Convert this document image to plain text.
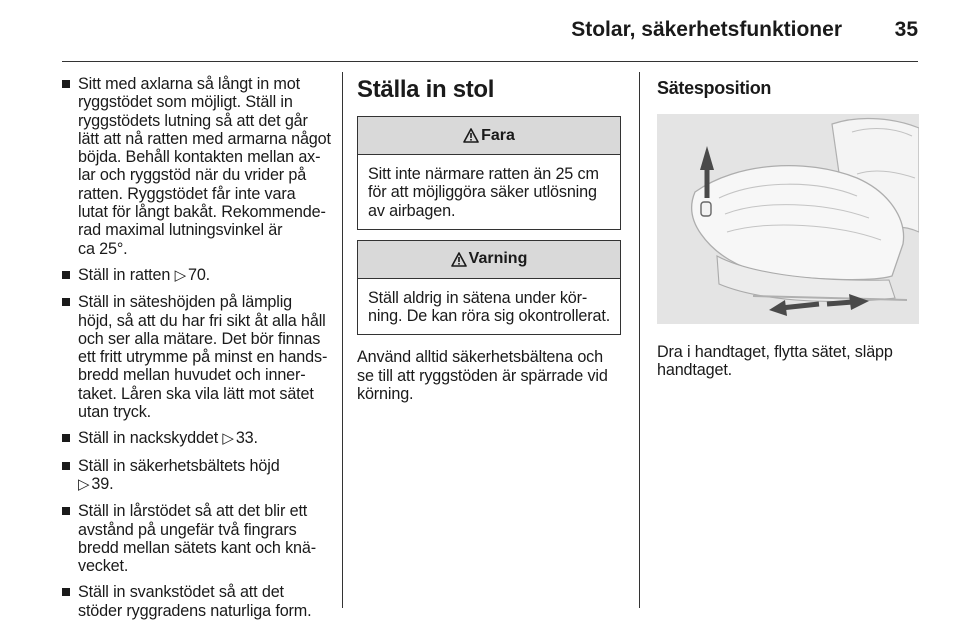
Stolar, säkerhetsfunktioner	35
Sitt med axlarna så långt in mot
ryggstödet som möjligt. Ställ in
ryggstödets lutning så att det går
lätt att nå ratten med armarna något
böjda. Behåll kontakten mellan ax-
lar och ryggstöd när du vrider på
ratten. Ryggstödet får inte vara
lutat för långt bakåt. Rekommende-
rad maximal lutningsvinkel är
ca 25°.
Ställ in ratten ▷ 70.
Ställ in säteshöjden på lämplig
höjd, så att du har fri sikt åt alla håll
och ser alla mätare. Det bör finnas
ett fritt utrymme på minst en hands-
bredd mellan huvudet och inner-
taket. Låren ska vila lätt mot sätet
utan tryck.
Ställ in nackskyddet ▷ 33.
Ställ in säkerhetsbältets höjd
▷ 39.
Ställ in lårstödet så att det blir ett
avstånd på ungefär två fingrars
bredd mellan sätets kant och knä-
vecket.
Ställ in svankstödet så att det
stöder ryggradens naturliga form.
Ställa in stol
Fara
Sitt inte närmare ratten än 25 cm
för att möjliggöra säker utlösning
av airbagen.
Varning
Ställ aldrig in sätena under kör-
ning. De kan röra sig okontrollerat.
Använd alltid säkerhetsbältena och
se till att ryggstöden är spärrade vid
körning.
Sätesposition
Dra i handtaget, flytta sätet, släpp
handtaget.
